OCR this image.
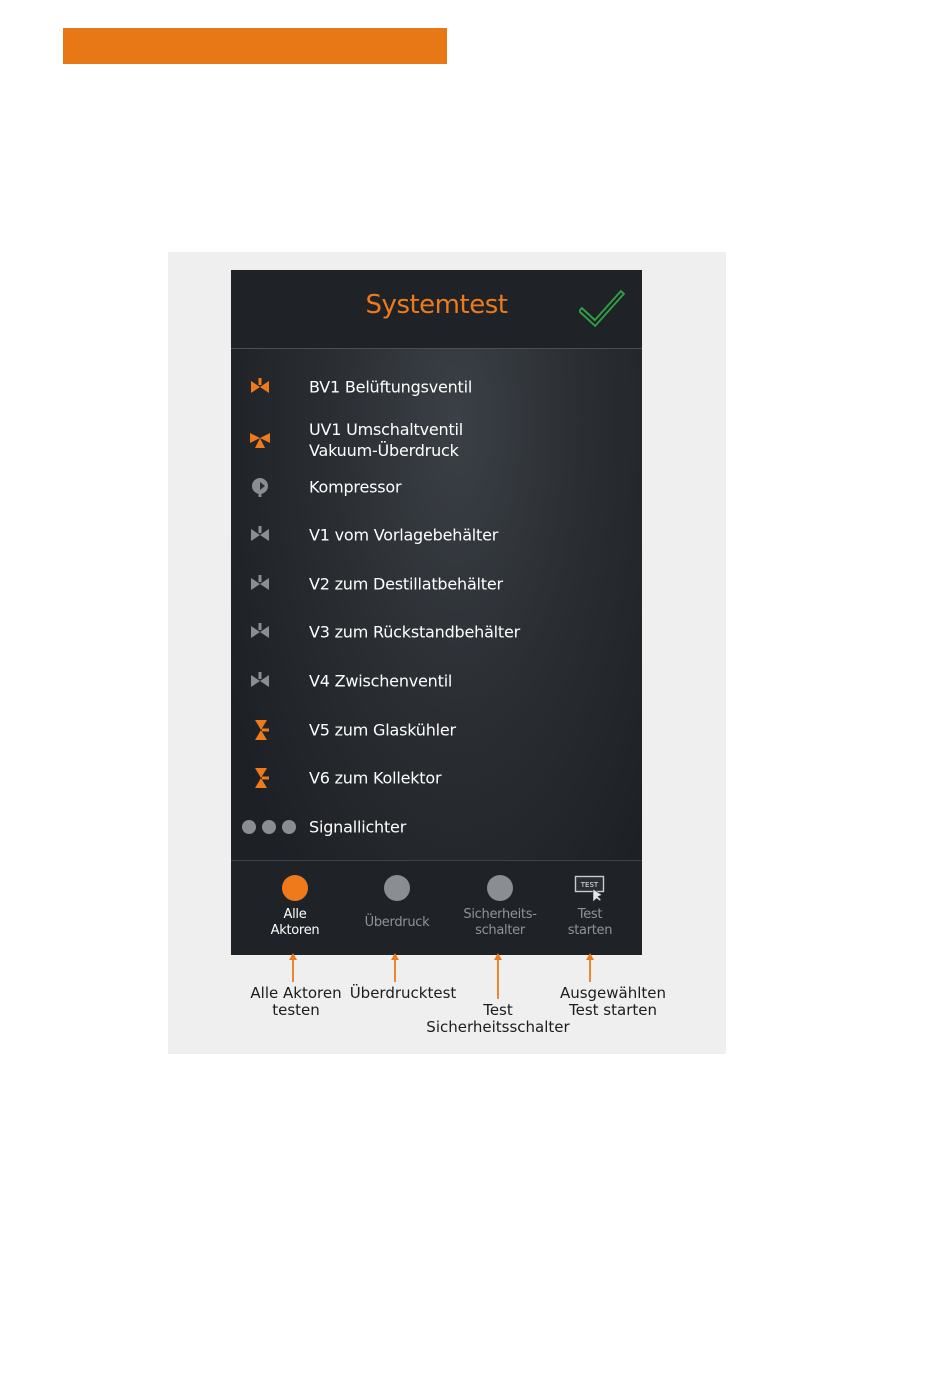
Systemtest
BV1 Belüftungsventil
UV1 Umschaltventil
Vakuum-Überdruck
Kompressor
V1 vom Vorlagebehälter
V2 zum Destillatbehälter
V3 zum Rückstandbehälter
V4 Zwischenventil
V5 zum Glaskühler
V6 zum Kollektor
Signallichter
Alle
Aktoren
Überdruck
Sicherheits-
schalter
TEST
Test
starten
Alle Aktoren
testen
Überdrucktest
Test
Sicherheitsschalter
Ausgewählten
Test starten
